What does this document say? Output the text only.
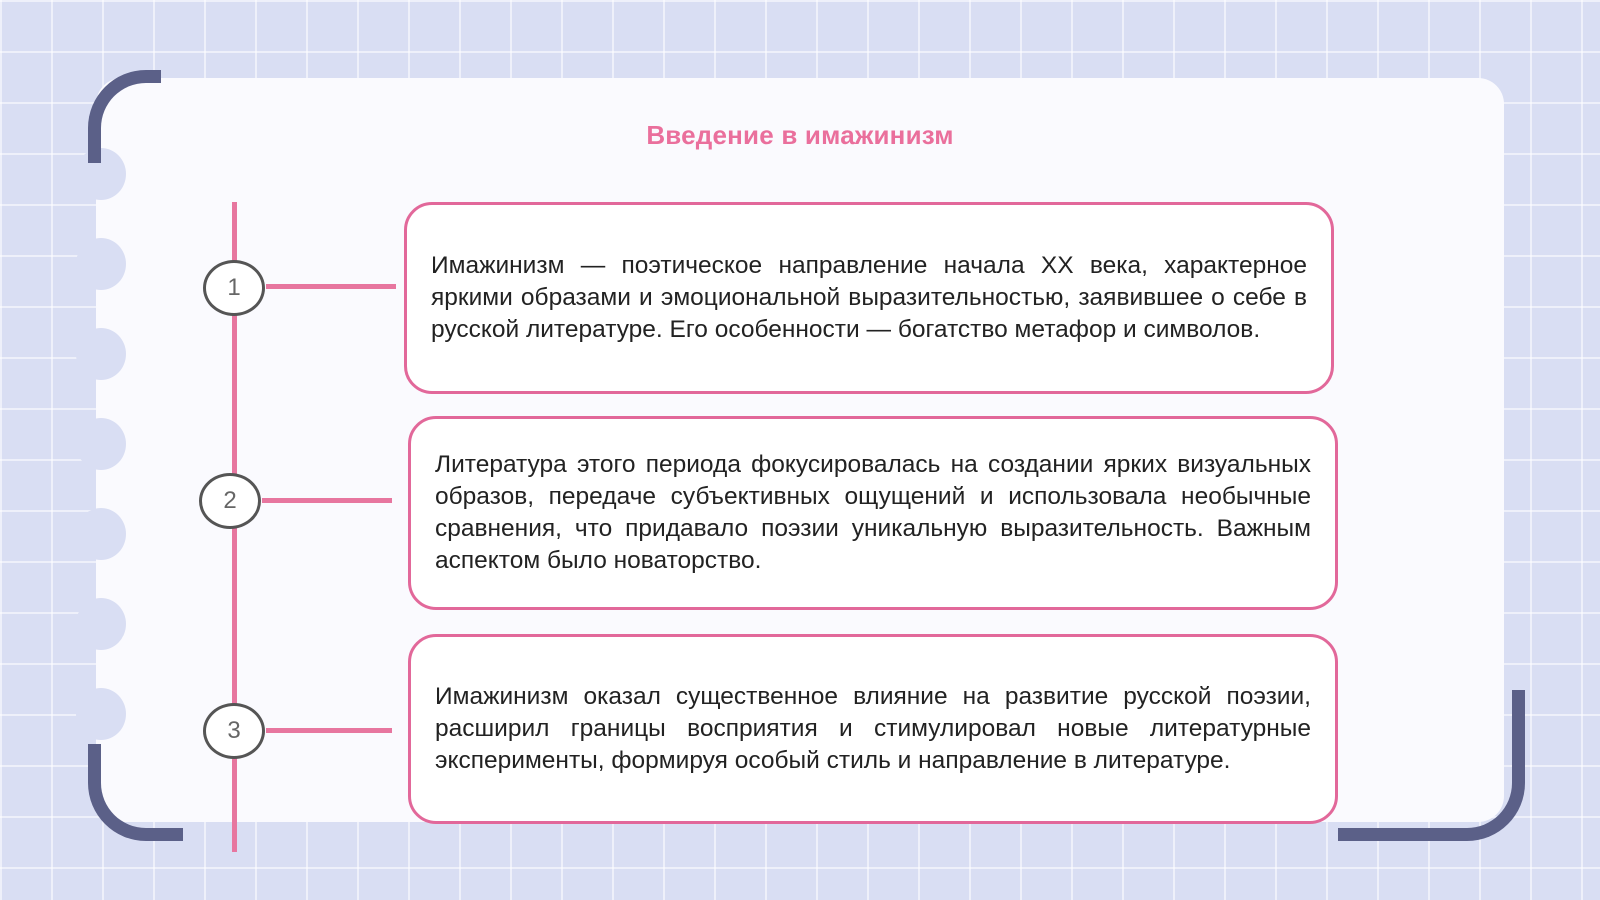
Введение в имажинизм
1
2
3

Имажинизм — поэтическое направление начала XX века, характерное яркими образами и эмоциональной выразительностью, заявившее о себе в русской литературе. Его особенности — богатство метафор и символов.

Литература этого периода фокусировалась на создании ярких визуальных образов, передаче субъективных ощущений и использовала необычные сравнения, что придавало поэзии уникальную выразительность. Важным аспектом было новаторство.

Имажинизм оказал существенное влияние на развитие русской поэзии, расширил границы восприятия и стимулировал новые литературные эксперименты, формируя особый стиль и направление в литературе.
